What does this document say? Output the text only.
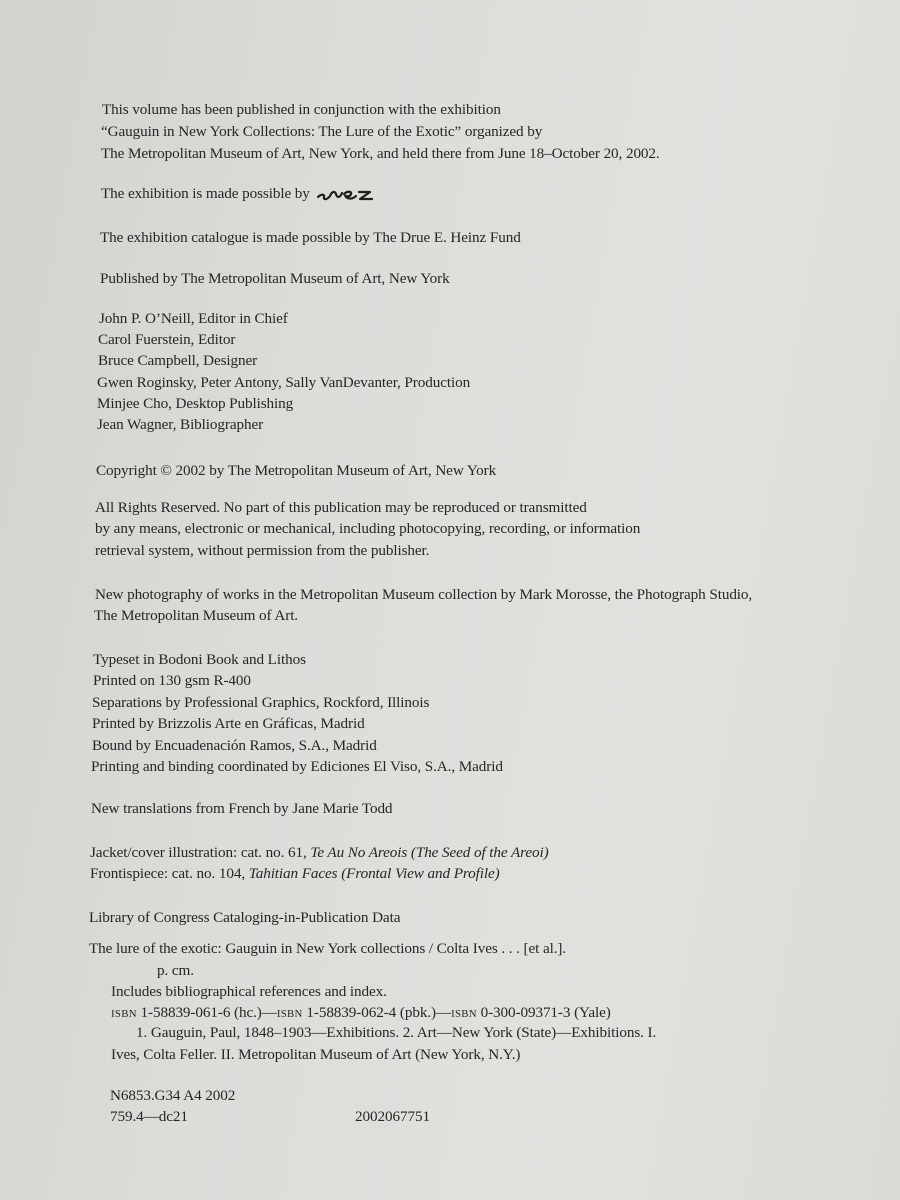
This volume has been published in conjunction with the exhibition
“Gauguin in New York Collections: The Lure of the Exotic” organized by
The Metropolitan Museum of Art, New York, and held there from June 18–October 20, 2002.
The exhibition is made possible by
The exhibition catalogue is made possible by The Drue E. Heinz Fund
Published by The Metropolitan Museum of Art, New York
John P. O’Neill, Editor in Chief
Carol Fuerstein, Editor
Bruce Campbell, Designer
Gwen Roginsky, Peter Antony, Sally VanDevanter, Production
Minjee Cho, Desktop Publishing
Jean Wagner, Bibliographer
Copyright © 2002 by The Metropolitan Museum of Art, New York
All Rights Reserved. No part of this publication may be reproduced or transmitted
by any means, electronic or mechanical, including photocopying, recording, or information
retrieval system, without permission from the publisher.
New photography of works in the Metropolitan Museum collection by Mark Morosse, the Photograph Studio,
The Metropolitan Museum of Art.
Typeset in Bodoni Book and Lithos
Printed on 130 gsm R-400
Separations by Professional Graphics, Rockford, Illinois
Printed by Brizzolis Arte en Gráficas, Madrid
Bound by Encuadenación Ramos, S.A., Madrid
Printing and binding coordinated by Ediciones El Viso, S.A., Madrid
New translations from French by Jane Marie Todd
Jacket/cover illustration: cat. no. 61, Te Au No Areois (The Seed of the Areoi)
Frontispiece: cat. no. 104, Tahitian Faces (Frontal View and Profile)
Library of Congress Cataloging-in-Publication Data
The lure of the exotic: Gauguin in New York collections / Colta Ives . . . [et al.].
p. cm.
Includes bibliographical references and index.
ISBN 1-58839-061-6 (hc.)—ISBN 1-58839-062-4 (pbk.)—ISBN 0-300-09371-3 (Yale)
1. Gauguin, Paul, 1848–1903—Exhibitions. 2. Art—New York (State)—Exhibitions. I.
Ives, Colta Feller. II. Metropolitan Museum of Art (New York, N.Y.)
N6853.G34 A4 2002
759.4—dc21	2002067751
